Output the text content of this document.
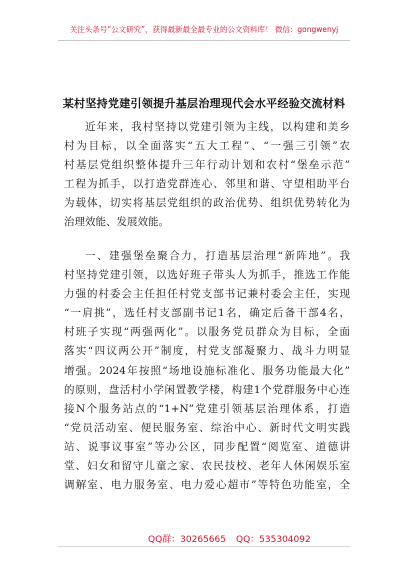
关注头条号“公文研究”，获得最新最全最专业的公文资料库！ 微信：gongwenyj
某村坚持党建引领提升基层治理现代会水平经验交流材料
近年来，我村坚持以党建引领为主线，以构建和美乡
村为目标，以全面落实“五大工程”、“一强三引领”农
村基层党组织整体提升三年行动计划和农村“堡垒示范”
工程为抓手，以打造党群连心、邻里和谐、守望相助平台
为载体，切实将基层党组织的政治优势、组织优势转化为
治理效能、发展效能。
一、建强堡垒聚合力，打造基层治理“新阵地”。我
村坚持党建引领，以选好班子带头人为抓手，推选工作能
力强的村委会主任担任村党支部书记兼村委会主任，实现
“一肩挑”，选任村支部副书记1名，确定后备干部4名，
村班子实现“两强两化”。以服务党员群众为目标，全面
落实“四议两公开”制度，村党支部凝聚力、战斗力明显
增强。2024年按照“场地设施标准化、服务功能最大化”
的原则，盘活村小学闲置教学楼，构建1个党群服务中心连
接N个服务站点的“1+N”党建引领基层治理体系，打造
“党员活动室、便民服务室、综治中心、新时代文明实践
站、说事议事室”等办公区，同步配置“阅览室、道德讲
堂、妇女和留守儿童之家、农民技校、老年人休闲娱乐室
调解室、电力服务室、电力爱心超市”等特色功能室，全
QQ群：30265665 QQ：535304092
